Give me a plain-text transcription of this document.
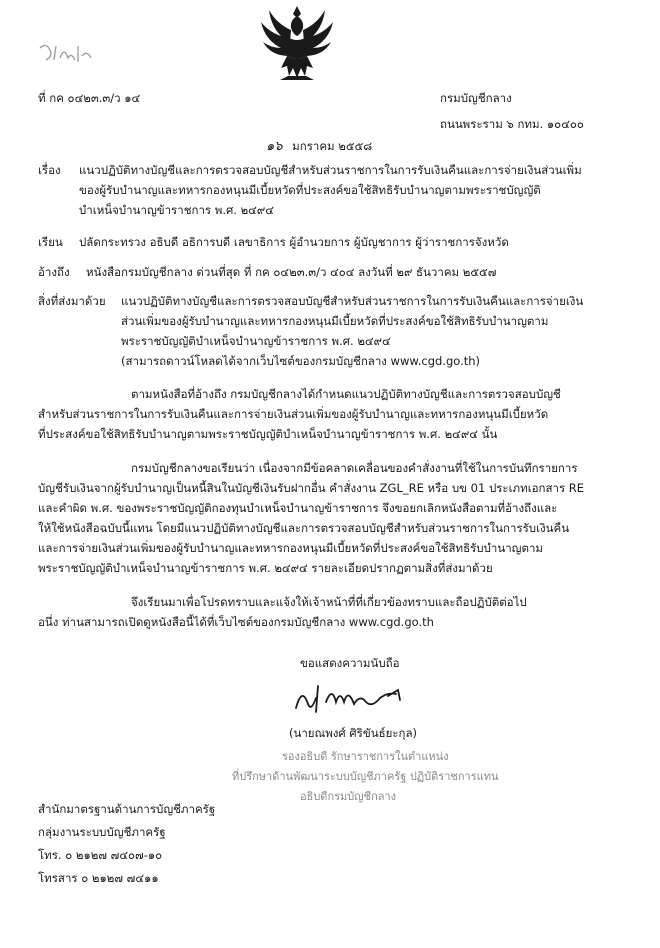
ที่ กค ๐๔๒๓.๓/ว ๑๔	กรมบัญชีกลาง
ถนนพระราม ๖ กทม. ๑๐๔๐๐
๑๖ มกราคม ๒๕๕๘
เรื่อง แนวปฏิบัติทางบัญชีและการตรวจสอบบัญชีสำหรับส่วนราชการในการรับเงินคืนและการจ่ายเงินส่วนเพิ่ม
ของผู้รับบำนาญและทหารกองหนุนมีเบี้ยหวัดที่ประสงค์ขอใช้สิทธิรับบำนาญตามพระราชบัญญัติ
บำเหน็จบำนาญข้าราชการ พ.ศ. ๒๔๙๔
เรียน ปลัดกระทรวง อธิบดี อธิการบดี เลขาธิการ ผู้อำนวยการ ผู้บัญชาการ ผู้ว่าราชการจังหวัด
อ้างถึง หนังสือกรมบัญชีกลาง ด่วนที่สุด ที่ กค ๐๔๒๓.๓/ว ๔๐๔ ลงวันที่ ๒๙ ธันวาคม ๒๕๕๗
สิ่งที่ส่งมาด้วย แนวปฏิบัติทางบัญชีและการตรวจสอบบัญชีสำหรับส่วนราชการในการรับเงินคืนและการจ่ายเงิน
ส่วนเพิ่มของผู้รับบำนาญและทหารกองหนุนมีเบี้ยหวัดที่ประสงค์ขอใช้สิทธิรับบำนาญตาม
พระราชบัญญัติบำเหน็จบำนาญข้าราชการ พ.ศ. ๒๔๙๔
(สามารถดาวน์โหลดได้จากเว็บไซต์ของกรมบัญชีกลาง www.cgd.go.th)
ตามหนังสือที่อ้างถึง กรมบัญชีกลางได้กำหนดแนวปฏิบัติทางบัญชีและการตรวจสอบบัญชี
สำหรับส่วนราชการในการรับเงินคืนและการจ่ายเงินส่วนเพิ่มของผู้รับบำนาญและทหารกองหนุนมีเบี้ยหวัด
ที่ประสงค์ขอใช้สิทธิรับบำนาญตามพระราชบัญญัติบำเหน็จบำนาญข้าราชการ พ.ศ. ๒๔๙๔ นั้น
กรมบัญชีกลางขอเรียนว่า เนื่องจากมีข้อคลาดเคลื่อนของคำสั่งงานที่ใช้ในการบันทึกรายการ
บัญชีรับเงินจากผู้รับบำนาญเป็นหนี้สินในบัญชีเงินรับฝากอื่น คำสั่งงาน ZGL_RE หรือ บข 01 ประเภทเอกสาร RE
และคำผิด พ.ศ. ของพระราชบัญญัติกองทุนบำเหน็จบำนาญข้าราชการ จึงขอยกเลิกหนังสือตามที่อ้างถึงและ
ให้ใช้หนังสือฉบับนี้แทน โดยมีแนวปฏิบัติทางบัญชีและการตรวจสอบบัญชีสำหรับส่วนราชการในการรับเงินคืน
และการจ่ายเงินส่วนเพิ่มของผู้รับบำนาญและทหารกองหนุนมีเบี้ยหวัดที่ประสงค์ขอใช้สิทธิรับบำนาญตาม
พระราชบัญญัติบำเหน็จบำนาญข้าราชการ พ.ศ. ๒๔๙๔ รายละเอียดปรากฏตามสิ่งที่ส่งมาด้วย
จึงเรียนมาเพื่อโปรดทราบและแจ้งให้เจ้าหน้าที่ที่เกี่ยวข้องทราบและถือปฏิบัติต่อไป
อนึ่ง ท่านสามารถเปิดดูหนังสือนี้ได้ที่เว็บไซต์ของกรมบัญชีกลาง www.cgd.go.th
ขอแสดงความนับถือ
(นายณพงศ์ ศิริขันธ์ยะกุล)
รองอธิบดี รักษาราชการในตำแหน่ง
ที่ปรึกษาด้านพัฒนาระบบบัญชีภาครัฐ ปฏิบัติราชการแทน
อธิบดีกรมบัญชีกลาง
สำนักมาตรฐานด้านการบัญชีภาครัฐ
กลุ่มงานระบบบัญชีภาครัฐ
โทร. ๐ ๒๑๒๗ ๗๔๐๗-๑๐
โทรสาร ๐ ๒๑๒๗ ๗๔๑๑
